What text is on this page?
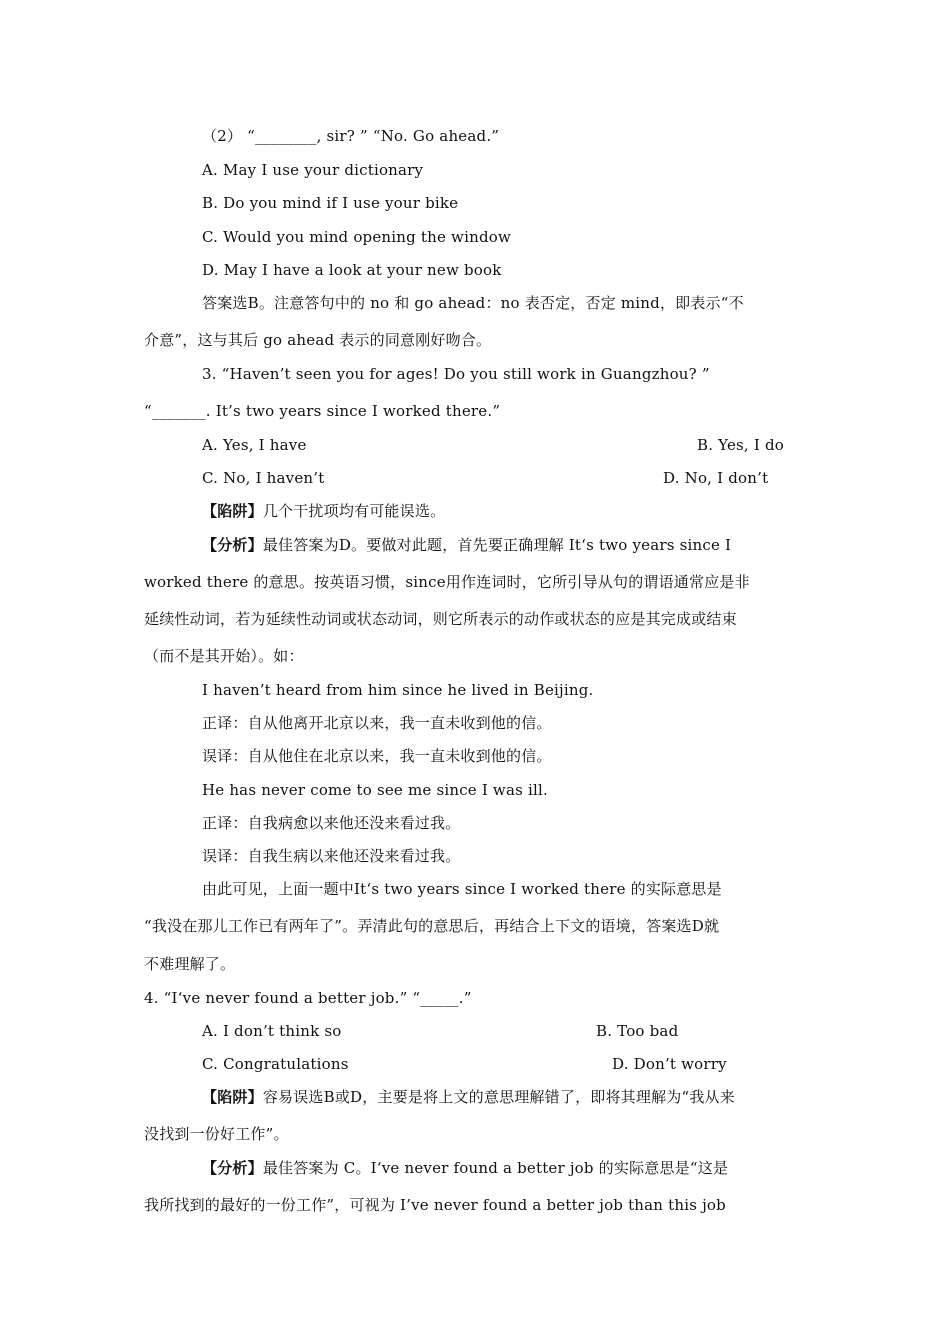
（2） “________, sir? ” “No. Go ahead.”
A. May I use your dictionary
B. Do you mind if I use your bike
C. Would you mind opening the window
D. May I have a look at your new book
答案选B。注意答句中的 no 和 go ahead：no 表否定，否定 mind，即表示“不
介意”，这与其后 go ahead 表示的同意刚好吻合。
3. “Haven’t seen you for ages! Do you still work in Guangzhou? ”
“_______. It’s two years since I worked there.”
A. Yes, I have	B. Yes, I do
C. No, I haven’t	D. No, I don’t
【陷阱】几个干扰项均有可能误选。
【分析】最佳答案为D。要做对此题，首先要正确理解 It‘s two years since I
worked there 的意思。按英语习惯，since用作连词时，它所引导从句的谓语通常应是非
延续性动词，若为延续性动词或状态动词，则它所表示的动作或状态的应是其完成或结束
（而不是其开始）。如：
I haven’t heard from him since he lived in Beijing.
正译：自从他离开北京以来，我一直未收到他的信。
误译：自从他住在北京以来，我一直未收到他的信。
He has never come to see me since I was ill.
正译：自我病愈以来他还没来看过我。
误译：自我生病以来他还没来看过我。
由此可见，上面一题中It‘s two years since I worked there 的实际意思是
“我没在那儿工作已有两年了”。弄清此句的意思后，再结合上下文的语境，答案选D就
不难理解了。
4. “I‘ve never found a better job.” “_____.”
A. I don’t think so	B. Too bad
C. Congratulations	D. Don’t worry
【陷阱】容易误选B或D，主要是将上文的意思理解错了，即将其理解为“我从来
没找到一份好工作”。
【分析】最佳答案为 C。I‘ve never found a better job 的实际意思是“这是
我所找到的最好的一份工作”，可视为 I’ve never found a better job than this job
